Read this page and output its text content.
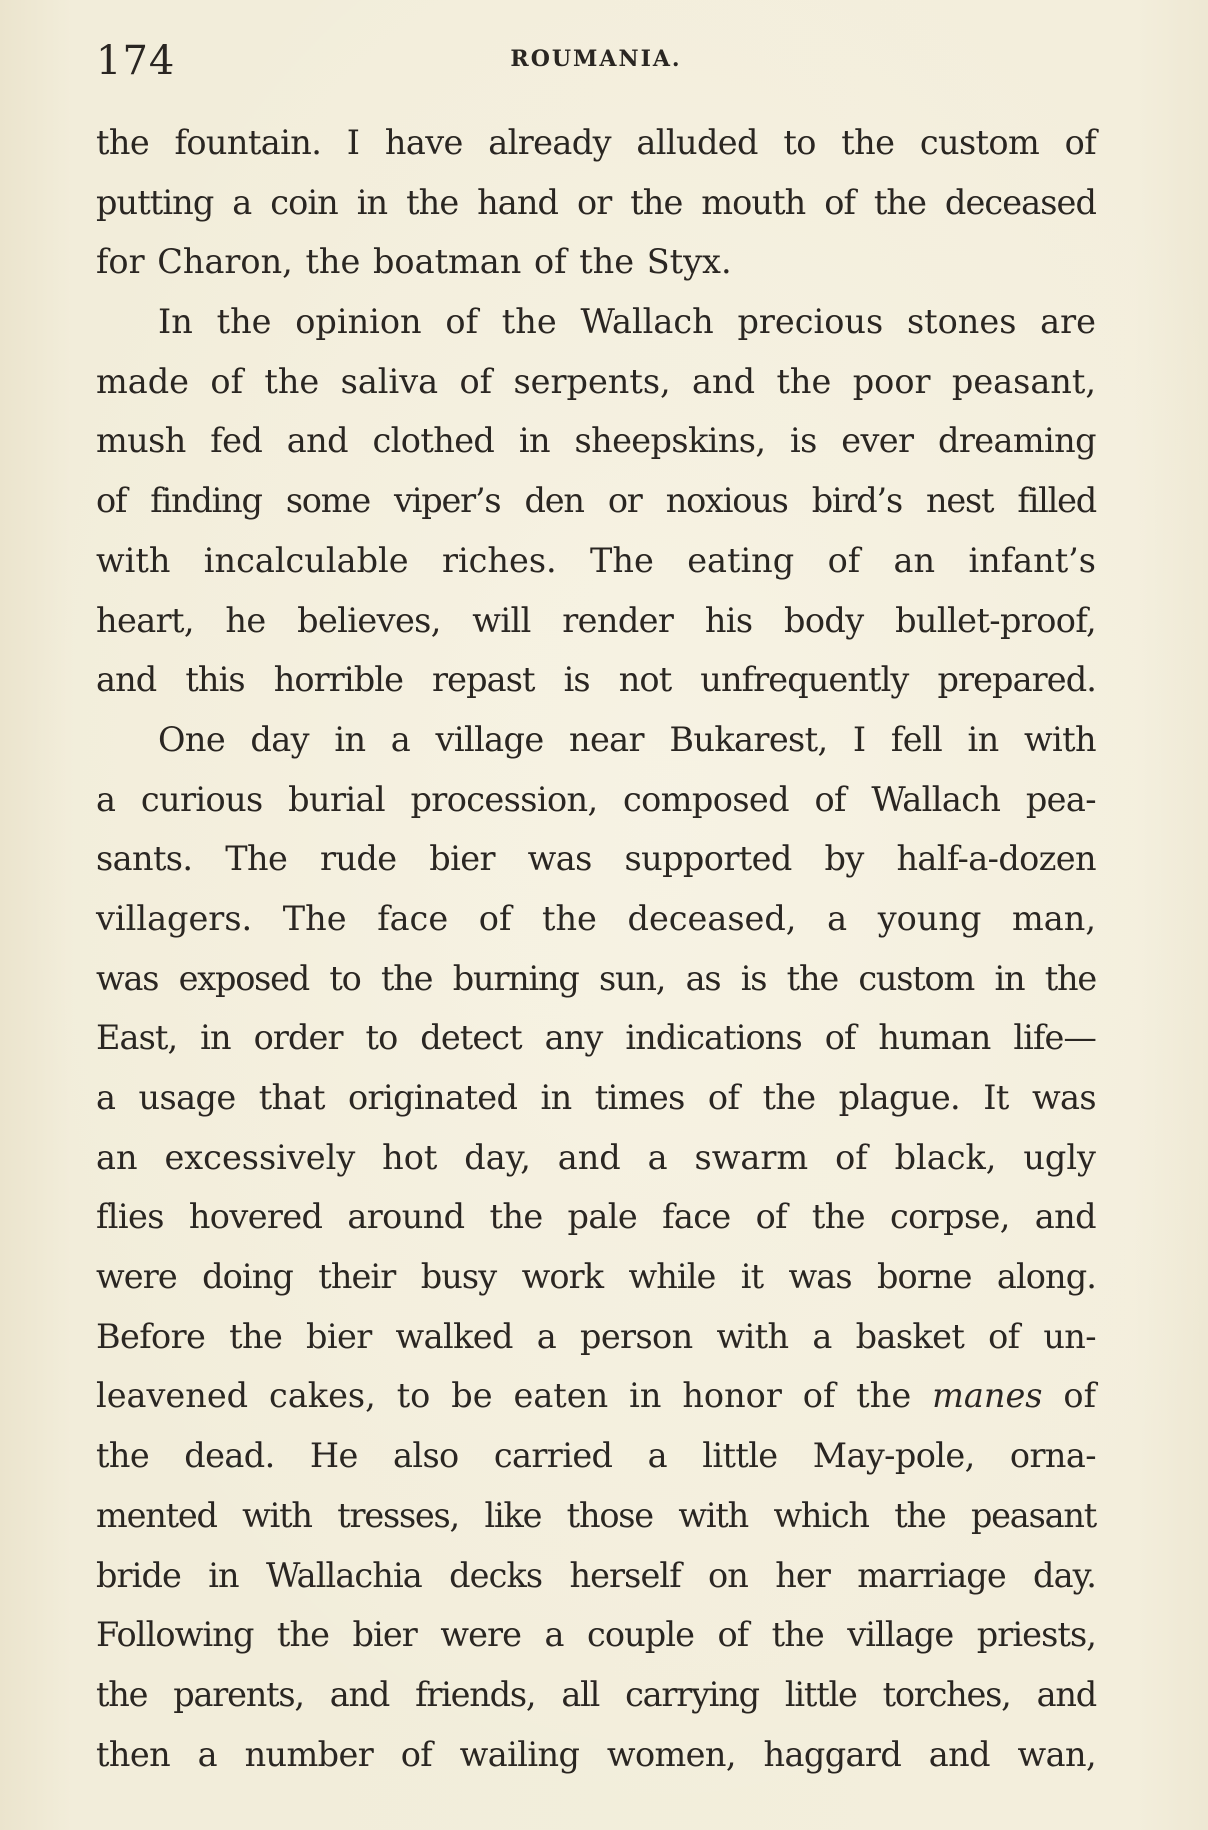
174	ROUMANIA.
the fountain. I have already alluded to the custom of
putting a coin in the hand or the mouth of the deceased
for Charon, the boatman of the Styx.
In the opinion of the Wallach precious stones are
made of the saliva of serpents, and the poor peasant,
mush fed and clothed in sheepskins, is ever dreaming
of finding some viper’s den or noxious bird’s nest filled
with incalculable riches. The eating of an infant’s
heart, he believes, will render his body bullet-proof,
and this horrible repast is not unfrequently prepared.
One day in a village near Bukarest, I fell in with
a curious burial procession, composed of Wallach pea-
sants. The rude bier was supported by half-a-dozen
villagers. The face of the deceased, a young man,
was exposed to the burning sun, as is the custom in the
East, in order to detect any indications of human life—
a usage that originated in times of the plague. It was
an excessively hot day, and a swarm of black, ugly
flies hovered around the pale face of the corpse, and
were doing their busy work while it was borne along.
Before the bier walked a person with a basket of un-
leavened cakes, to be eaten in honor of the manes of
the dead. He also carried a little May-pole, orna-
mented with tresses, like those with which the peasant
bride in Wallachia decks herself on her marriage day.
Following the bier were a couple of the village priests,
the parents, and friends, all carrying little torches, and
then a number of wailing women, haggard and wan,
